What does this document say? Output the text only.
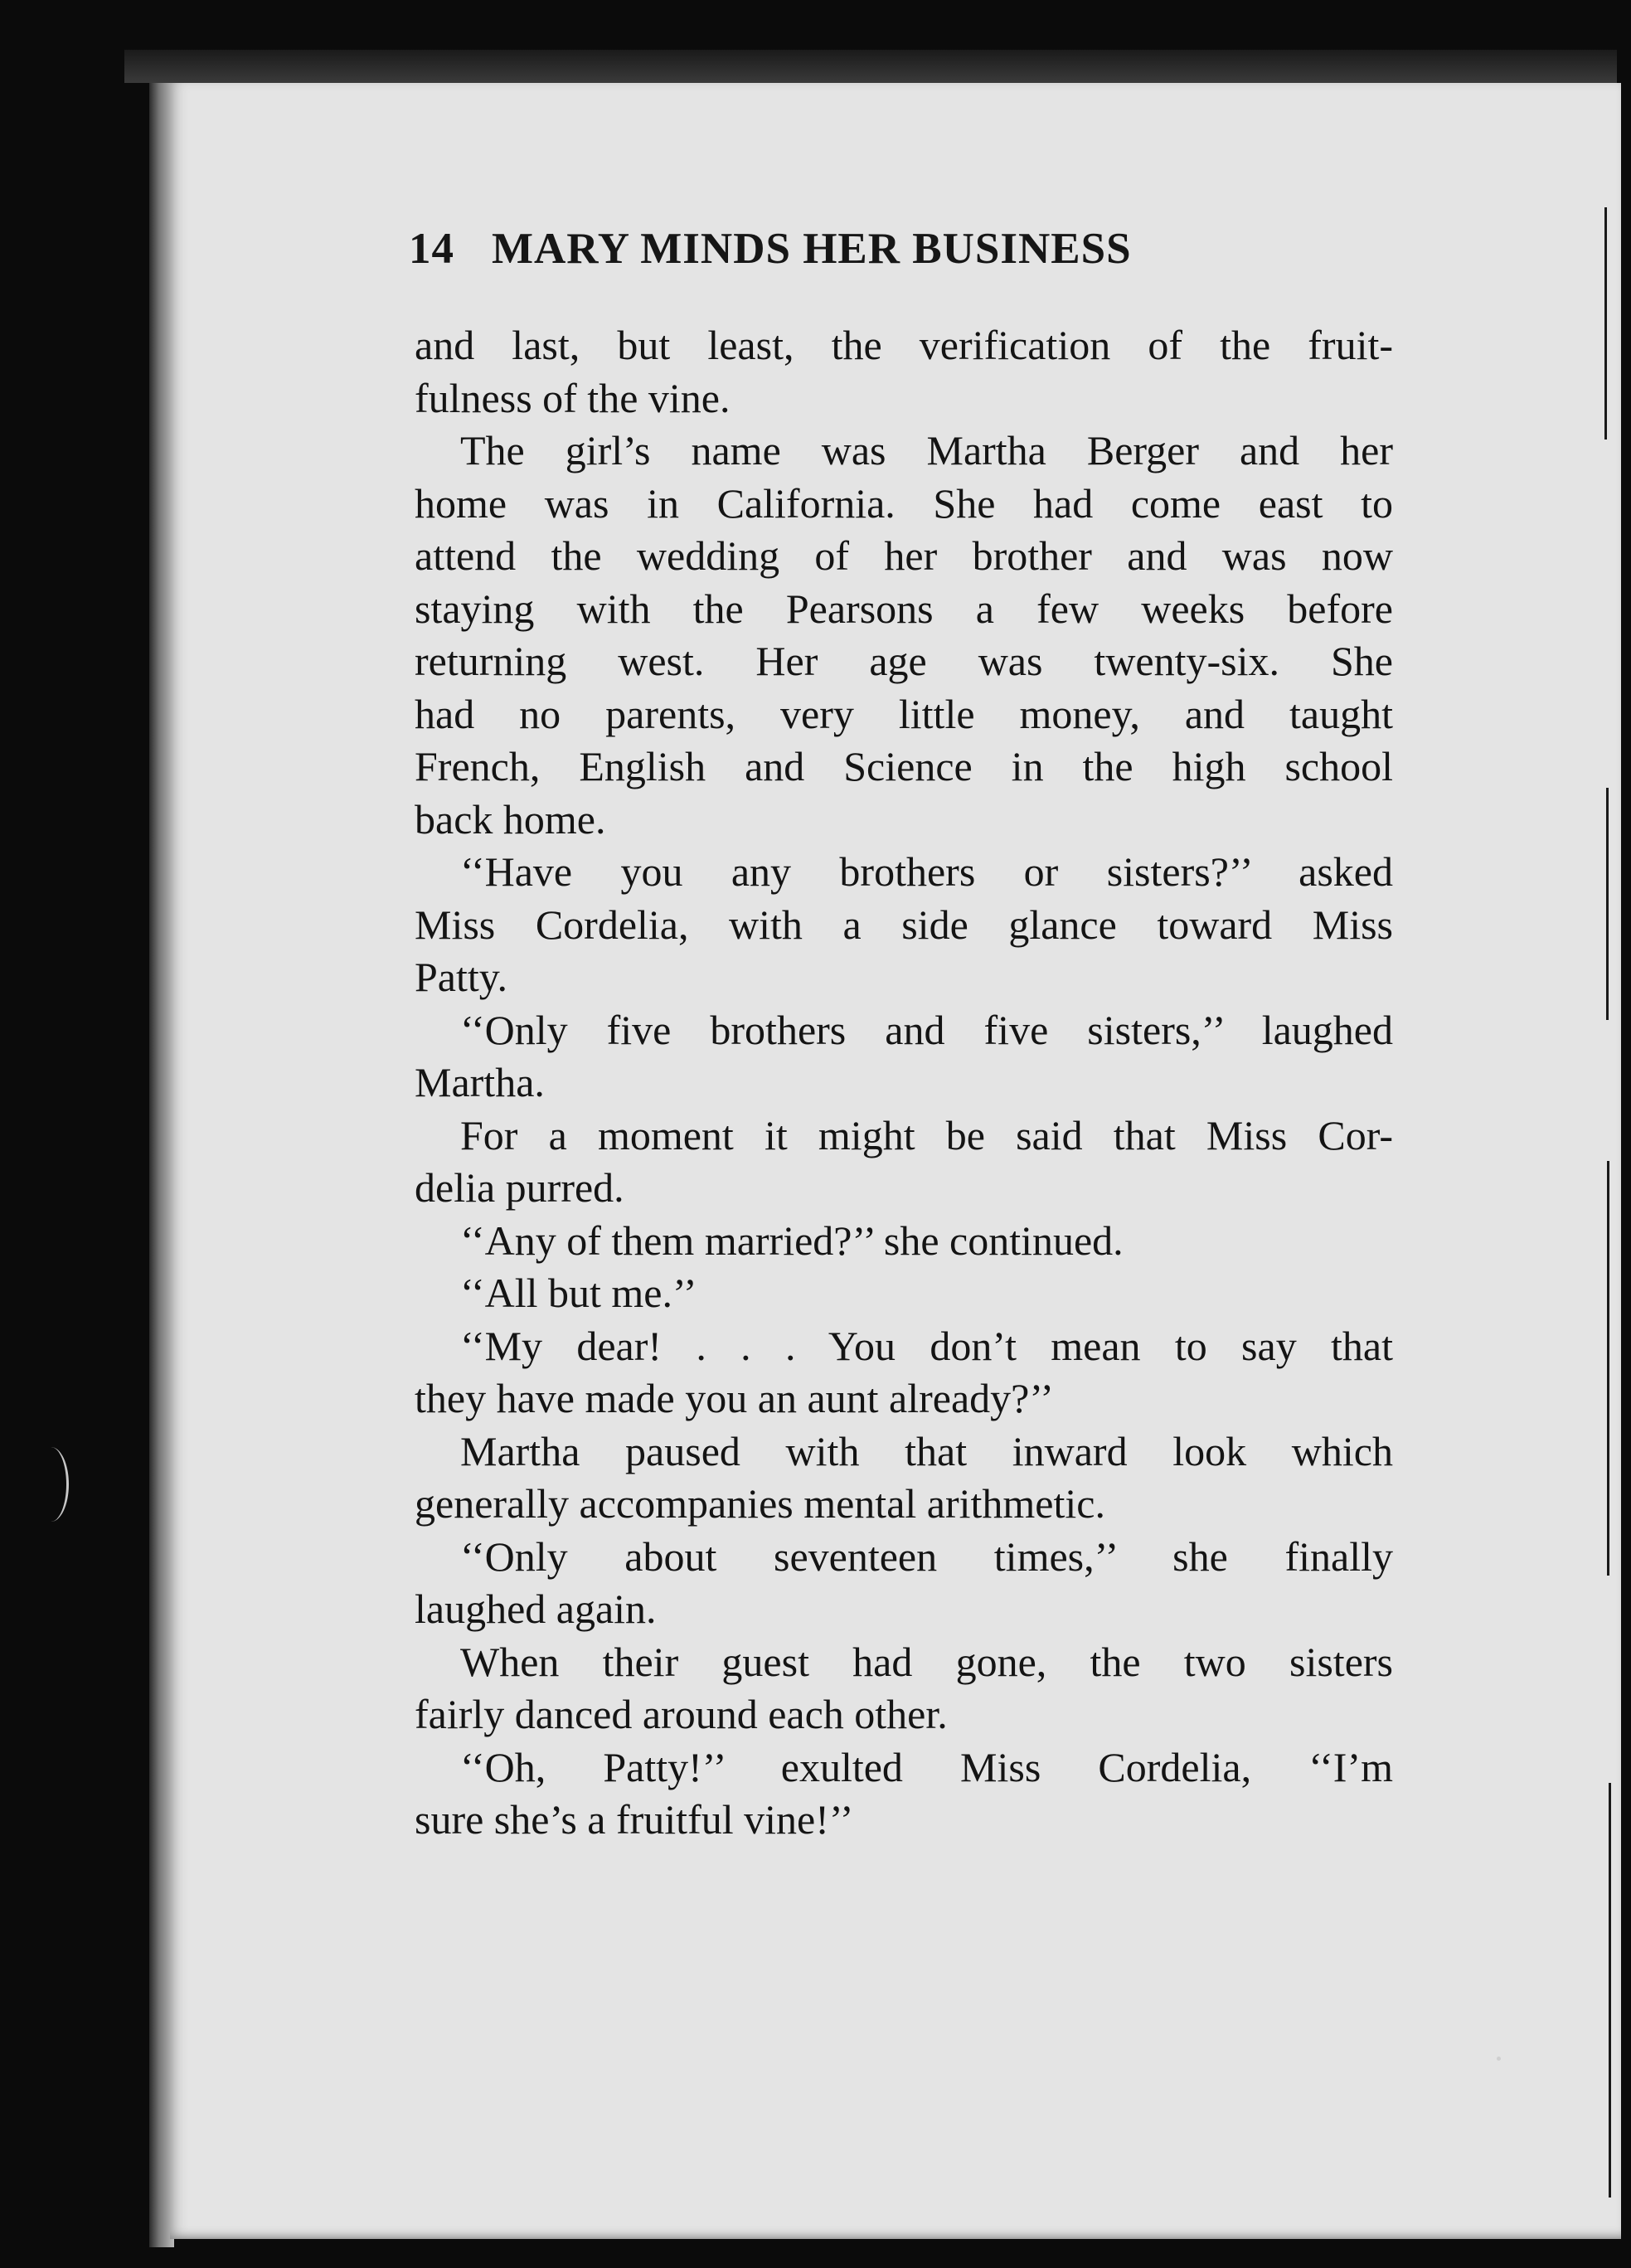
14 MARY MINDS HER BUSINESS
and last, but least, the verification of the fruit-
fulness of the vine.
The girl’s name was Martha Berger and her
home was in California. She had come east to
attend the wedding of her brother and was now
staying with the Pearsons a few weeks before
returning west. Her age was twenty-six. She
had no parents, very little money, and taught
French, English and Science in the high school
back home.
‘‘Have you any brothers or sisters?’’ asked
Miss Cordelia, with a side glance toward Miss
Patty.
‘‘Only five brothers and five sisters,’’ laughed
Martha.
For a moment it might be said that Miss Cor-
delia purred.
‘‘Any of them married?’’ she continued.
‘‘All but me.’’
‘‘My dear! . . . You don’t mean to say that
they have made you an aunt already?’’
Martha paused with that inward look which
generally accompanies mental arithmetic.
‘‘Only about seventeen times,’’ she finally
laughed again.
When their guest had gone, the two sisters
fairly danced around each other.
‘‘Oh, Patty!’’ exulted Miss Cordelia, ‘‘I’m
sure she’s a fruitful vine!’’
